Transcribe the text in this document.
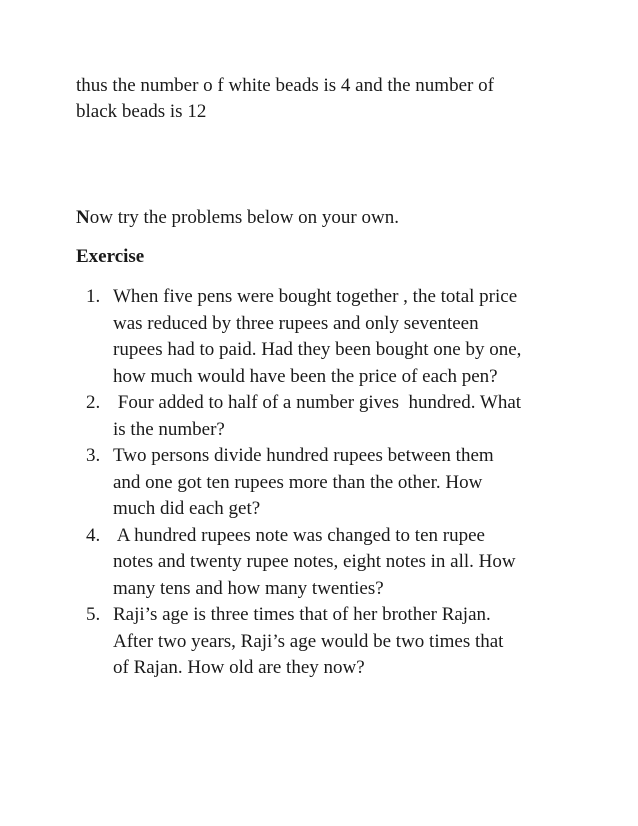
thus the number o f white beads is 4 and the number of
black beads is 12

Now try the problems below on your own.

Exercise
1. When five pens were bought together , the total price
was reduced by three rupees and only seventeen
rupees had to paid. Had they been bought one by one,
how much would have been the price of each pen?
2. Four added to half of a number gives  hundred. What
is the number?
3. Two persons divide hundred rupees between them
and one got ten rupees more than the other. How
much did each get?
4. A hundred rupees note was changed to ten rupee
notes and twenty rupee notes, eight notes in all. How
many tens and how many twenties?
5. Raji’s age is three times that of her brother Rajan.
After two years, Raji’s age would be two times that
of Rajan. How old are they now?
